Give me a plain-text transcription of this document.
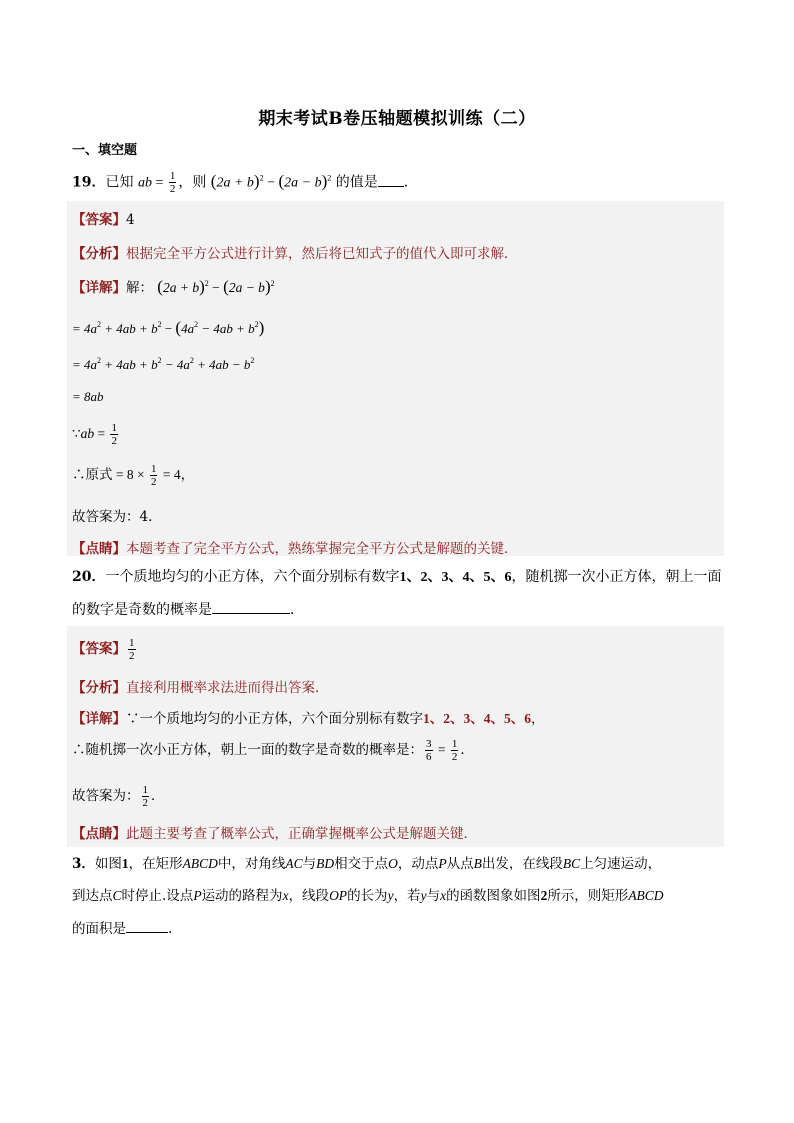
期末考试B卷压轴题模拟训练（二）
一、填空题
19．已知 ab = $\frac{1}{2}$ ，则 $(2a + b)^2 - (2a - b)^2$ 的值是 ．
【答案】4
【分析】根据完全平方公式进行计算，然后将已知式子的值代入即可求解．
【详解】解： $(2a + b)^2 - (2a - b)^2$
= $4a^2 + 4ab + b^2 - (4a^2 - 4ab + b^2)$
= $4a^2 + 4ab + b^2 - 4a^2 + 4ab - b^2$
= 8ab
∵ab = $\frac{1}{2}$
∴原式 = $8 \times \frac{1}{2} = 4$，
故答案为：4．
【点睛】本题考查了完全平方公式，熟练掌握完全平方公式是解题的关键．
20．一个质地均匀的小正方体，六个面分别标有数字1、2、3、4、5、6，随机掷一次小正方体，朝上一面
的数字是奇数的概率是	．
【答案】 $\frac{1}{2}$
【分析】直接利用概率求法进而得出答案．
【详解】∵一个质地均匀的小正方体，六个面分别标有数字1、2、3、4、5、6，
∴随机掷一次小正方体，朝上一面的数字是奇数的概率是： $\frac{3}{6} = \frac{1}{2}$ ．
故答案为： $\frac{1}{2}$ ．
【点睛】此题主要考查了概率公式，正确掌握概率公式是解题关键．
3．如图1，在矩形ABCD中，对角线AC与BD相交于点O，动点P从点B出发，在线段BC上匀速运动，
到达点C时停止.设点P运动的路程为x，线段OP的长为y，若y与x的函数图象如图2所示，则矩形ABCD
的面积是	.
